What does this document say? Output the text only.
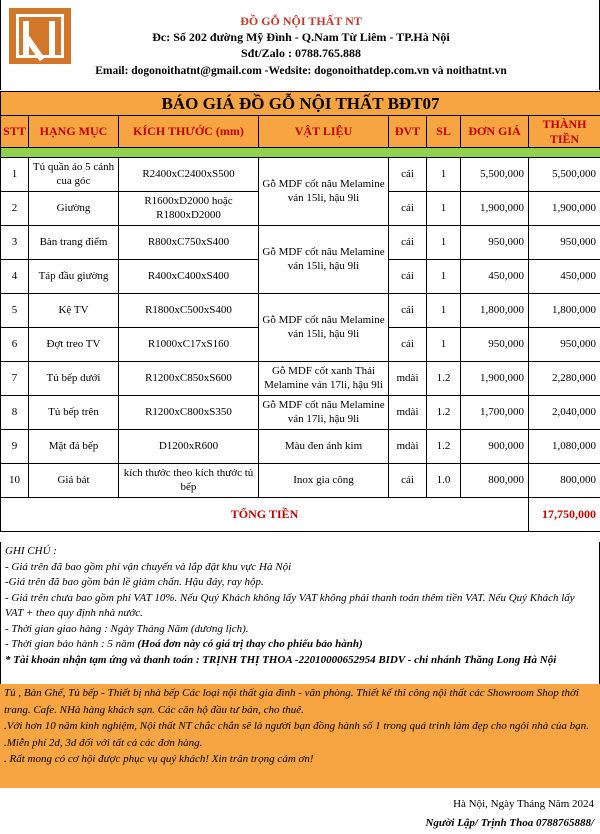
ĐỒ GỖ NỘI THẤT NT
Đc: Số 202 đường Mỹ Đình - Q.Nam Từ Liêm - TP.Hà Nội
Sđt/Zalo : 0788.765.888
Email: dogonoithatnt@gmail.com -Wedsite: dogonoithatdep.com.vn và noithatnt.vn
BÁO GIÁ ĐỒ GỖ NỘI THẤT BĐT07							
STT	HẠNG MỤC	KÍCH THƯỚC (mm)	VẬT LIỆU	ĐVT	SL	ĐƠN GIÁ	THÀNH TIỀN

1	Tủ quần áo 5 cánh cua góc	R2400xC2400xS500	Gỗ MDF cốt nâu Melamine ván 15li, hậu 9li	cái	1	5,500,000	5,500,000
2	Giường	R1600xD2000 hoặc R1800xD2000		cái	1	1,900,000	1,900,000
3	Bàn trang điểm	R800xC750xS400	Gỗ MDF cốt nâu Melamine ván 15li, hậu 9li	cái	1	950,000	950,000
4	Táp đầu giường	R400xC400xS400		cái	1	450,000	450,000
5	Kệ TV	R1800xC500xS400	Gỗ MDF cốt nâu Melamine ván 15li, hậu 9li	cái	1	1,800,000	1,800,000
6	Đợt treo TV	R1000xC17xS160		cái	1	950,000	950,000
7	Tủ bếp dưới	R1200xC850xS600	Gỗ MDF cốt xanh Thái Melamine ván 17li, hậu 9li	mdài	1.2	1,900,000	2,280,000
8	Tủ bếp trên	R1200xC800xS350	Gỗ MDF cốt nâu Melamine ván 17li, hậu 9li	mdài	1.2	1,700,000	2,040,000
9	Mặt đá bếp	D1200xR600	Màu đen ánh kim	mdài	1.2	900,000	1,080,000
10	Giá bát	kích thước theo kích thước tủ bếp	Inox gia công	cái	1.0	800,000	800,000
TỔNG TIỀN							17,750,000
GHI CHÚ :
- Giá trên đã bao gồm phí vận chuyển và lắp đặt khu vực Hà Nội
-Giá trên đã bao gồm bản lề giảm chấn. Hậu đáy, ray hộp.
- Giá trên chưa bao gồm phí VAT 10%. Nếu Quý Khách không lấy VAT không phải thanh toán thêm tiền VAT. Nếu Quý Khách lấy VAT + theo quy định nhà nước.
- Thời gian giao hàng : Ngày Tháng Năm (dương lịch).
- Thời gian bảo hành : 5 năm (Hoá đơn này có giá trị thay cho phiếu bảo hành)
* Tài khoản nhận tạm ứng và thanh toán : TRỊNH THỊ THOA -22010000652954 BIDV - chi nhánh Thăng Long Hà Nội
Tủ , Bàn Ghế, Tủ bếp - Thiết bị nhà bếp Các loại nội thất gia đình - văn phòng. Thiết kế thi công nội thất các Showroom Shop thời trang. Cafe. NHà hàng khách sạn. Các căn hộ đầu tư bán, cho thuê.
.Với hơn 10 năm kinh nghiệm, Nội thất NT chắc chắn sẽ là người bạn đồng hành số 1 trong quá trình làm đẹp cho ngôi nhà của bạn.
.Miễn phí 2d, 3d đối với tất cả các đơn hàng.
. Rất mong có cơ hội được phục vụ quý khách! Xin trân trọng cảm ơn!
Hà Nội, Ngày Tháng Năm 2024
Người Lập/ Trịnh Thoa 0788765888/
